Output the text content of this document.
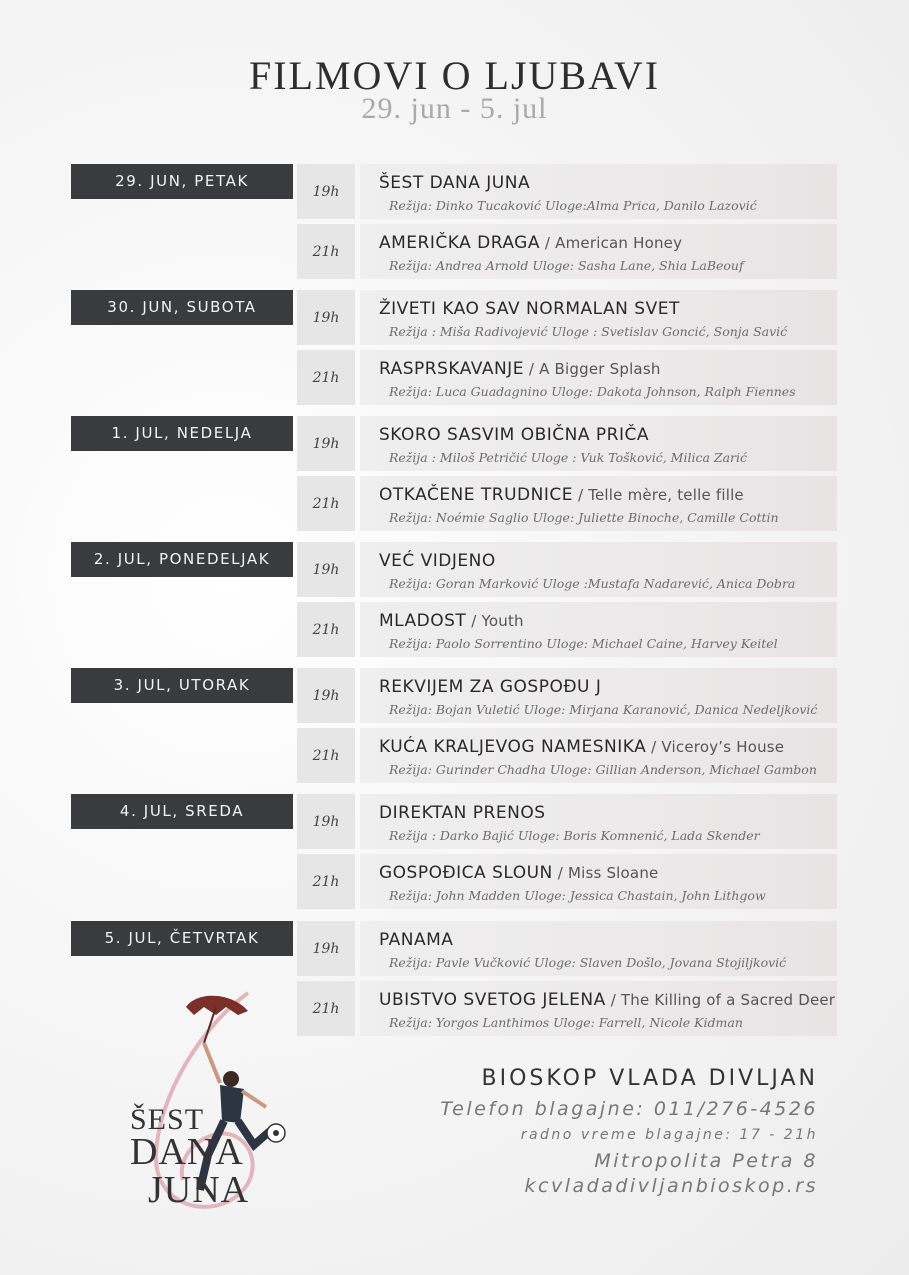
FILMOVI O LJUBAVI
29. jun - 5. jul
29. JUN, PETAK
19h	ŠEST DANA JUNA
Režija: Dinko Tucaković Uloge:Alma Prica, Danilo Lazović
21h	AMERIČKA DRAGA / American Honey
Režija: Andrea Arnold Uloge: Sasha Lane, Shia LaBeouf
30. JUN, SUBOTA
19h	ŽIVETI KAO SAV NORMALAN SVET
Režija : Miša Radivojević Uloge : Svetislav Goncić, Sonja Savić
21h	RASPRSKAVANJE / A Bigger Splash
Režija: Luca Guadagnino Uloge: Dakota Johnson, Ralph Fiennes
1. JUL, NEDELJA
19h	SKORO SASVIM OBIČNA PRIČA
Režija : Miloš Petričić Uloge : Vuk Tošković, Milica Zarić
21h	OTKAČENE TRUDNICE / Telle mère, telle fille
Režija: Noémie Saglio Uloge: Juliette Binoche, Camille Cottin
2. JUL, PONEDELJAK
19h	VEĆ VIDJENO
Režija: Goran Marković Uloge :Mustafa Nadarević, Anica Dobra
21h	MLADOST / Youth
Režija: Paolo Sorrentino Uloge: Michael Caine, Harvey Keitel
3. JUL, UTORAK
19h	REKVIJEM ZA GOSPOĐU J
Režija: Bojan Vuletić Uloge: Mirjana Karanović, Danica Nedeljković
21h	KUĆA KRALJEVOG NAMESNIKA / Viceroy’s House
Režija: Gurinder Chadha Uloge: Gillian Anderson, Michael Gambon
4. JUL, SREDA
19h	DIREKTAN PRENOS
Režija : Darko Bajić Uloge: Boris Komnenić, Lada Skender
21h	GOSPOĐICA SLOUN / Miss Sloane
Režija: John Madden Uloge: Jessica Chastain, John Lithgow
5. JUL, ČETVRTAK
19h	PANAMA
Režija: Pavle Vučković Uloge: Slaven Došlo, Jovana Stojiljković
21h	UBISTVO SVETOG JELENA / The Killing of a Sacred Deer
Režija: Yorgos Lanthimos Uloge: Farrell, Nicole Kidman
ŠEST
DANA
JUNA
BIOSKOP VLADA DIVLJAN
Telefon blagajne: 011/276-4526
radno vreme blagajne: 17 - 21h
Mitropolita Petra 8
kcvladadivljanbioskop.rs
